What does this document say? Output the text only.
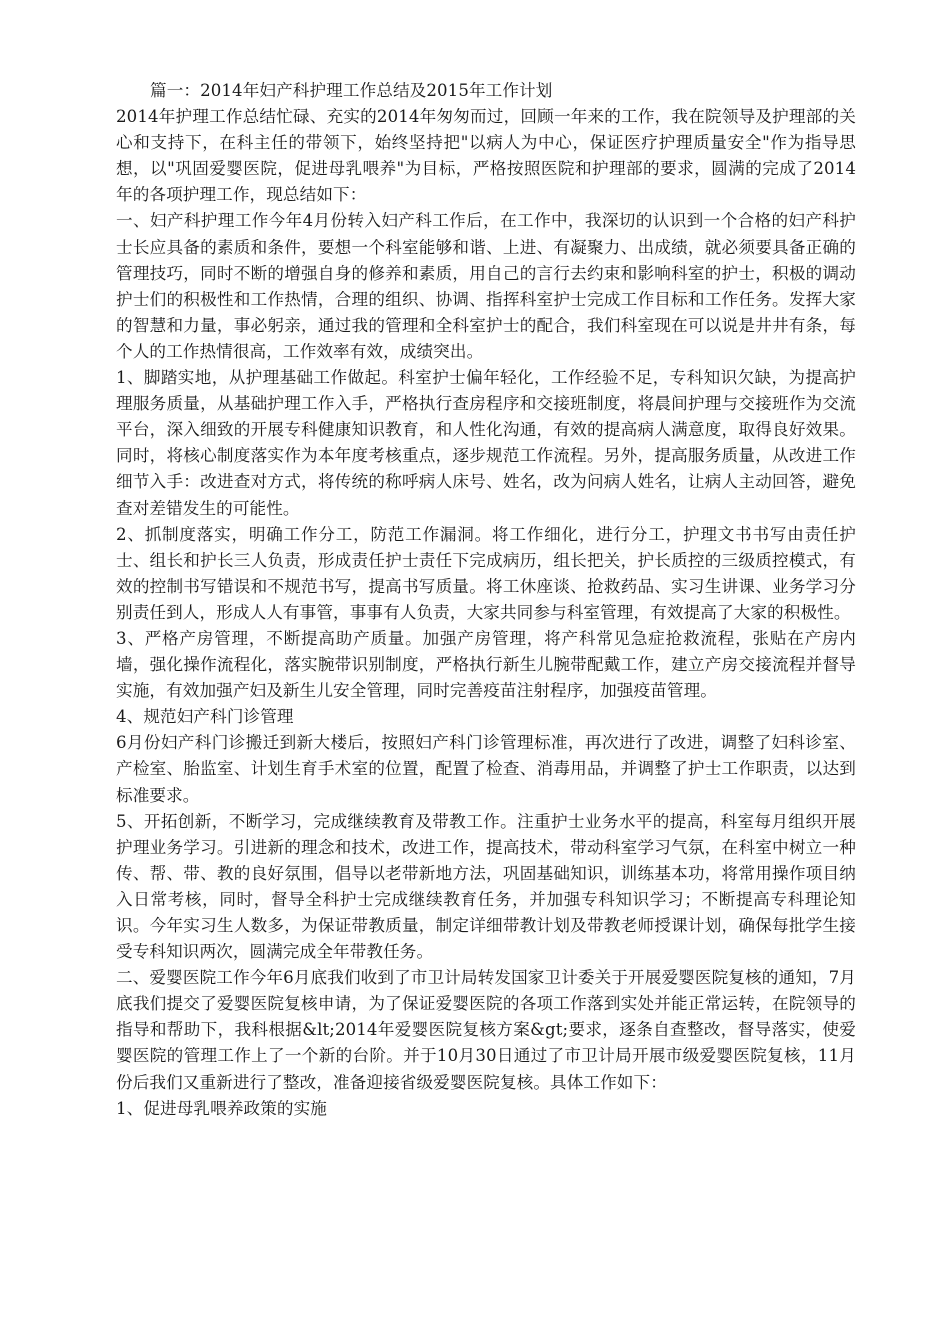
篇一：2014年妇产科护理工作总结及2015年工作计划

2014年护理工作总结忙碌、充实的2014年匆匆而过，回顾一年来的工作，我在院领导及护理部的关心和支持下，在科主任的带领下，始终坚持把"以病人为中心，保证医疗护理质量安全"作为指导思想，以"巩固爱婴医院，促进母乳喂养"为目标，严格按照医院和护理部的要求，圆满的完成了2014年的各项护理工作，现总结如下：

一、妇产科护理工作今年4月份转入妇产科工作后，在工作中，我深切的认识到一个合格的妇产科护士长应具备的素质和条件，要想一个科室能够和谐、上进、有凝聚力、出成绩，就必须要具备正确的管理技巧，同时不断的增强自身的修养和素质，用自己的言行去约束和影响科室的护士，积极的调动护士们的积极性和工作热情，合理的组织、协调、指挥科室护士完成工作目标和工作任务。发挥大家的智慧和力量，事必躬亲，通过我的管理和全科室护士的配合，我们科室现在可以说是井井有条，每个人的工作热情很高，工作效率有效，成绩突出。

1、脚踏实地，从护理基础工作做起。科室护士偏年轻化，工作经验不足，专科知识欠缺，为提高护理服务质量，从基础护理工作入手，严格执行查房程序和交接班制度，将晨间护理与交接班作为交流平台，深入细致的开展专科健康知识教育，和人性化沟通，有效的提高病人满意度，取得良好效果。同时，将核心制度落实作为本年度考核重点，逐步规范工作流程。另外，提高服务质量，从改进工作细节入手：改进查对方式，将传统的称呼病人床号、姓名，改为问病人姓名，让病人主动回答，避免查对差错发生的可能性。

2、抓制度落实，明确工作分工，防范工作漏洞。将工作细化，进行分工，护理文书书写由责任护士、组长和护长三人负责，形成责任护士责任下完成病历，组长把关，护长质控的三级质控模式，有效的控制书写错误和不规范书写，提高书写质量。将工休座谈、抢救药品、实习生讲课、业务学习分别责任到人，形成人人有事管，事事有人负责，大家共同参与科室管理，有效提高了大家的积极性。

3、严格产房管理，不断提高助产质量。加强产房管理，将产科常见急症抢救流程，张贴在产房内墙，强化操作流程化，落实腕带识别制度，严格执行新生儿腕带配戴工作，建立产房交接流程并督导实施，有效加强产妇及新生儿安全管理，同时完善疫苗注射程序，加强疫苗管理。

4、规范妇产科门诊管理

6月份妇产科门诊搬迁到新大楼后，按照妇产科门诊管理标准，再次进行了改进，调整了妇科诊室、产检室、胎监室、计划生育手术室的位置，配置了检查、消毒用品，并调整了护士工作职责，以达到标准要求。

5、开拓创新，不断学习，完成继续教育及带教工作。注重护士业务水平的提高，科室每月组织开展护理业务学习。引进新的理念和技术，改进工作，提高技术，带动科室学习气氛，在科室中树立一种传、帮、带、教的良好氛围，倡导以老带新地方法，巩固基础知识，训练基本功，将常用操作项目纳入日常考核，同时，督导全科护士完成继续教育任务，并加强专科知识学习；不断提高专科理论知识。今年实习生人数多，为保证带教质量，制定详细带教计划及带教老师授课计划，确保每批学生接受专科知识两次，圆满完成全年带教任务。

二、爱婴医院工作今年6月底我们收到了市卫计局转发国家卫计委关于开展爱婴医院复核的通知，7月底我们提交了爱婴医院复核申请，为了保证爱婴医院的各项工作落到实处并能正常运转，在院领导的指导和帮助下，我科根据&lt;2014年爱婴医院复核方案&gt;要求，逐条自查整改，督导落实，使爱婴医院的管理工作上了一个新的台阶。并于10月30日通过了市卫计局开展市级爱婴医院复核，11月份后我们又重新进行了整改，准备迎接省级爱婴医院复核。具体工作如下：

1、促进母乳喂养政策的实施
